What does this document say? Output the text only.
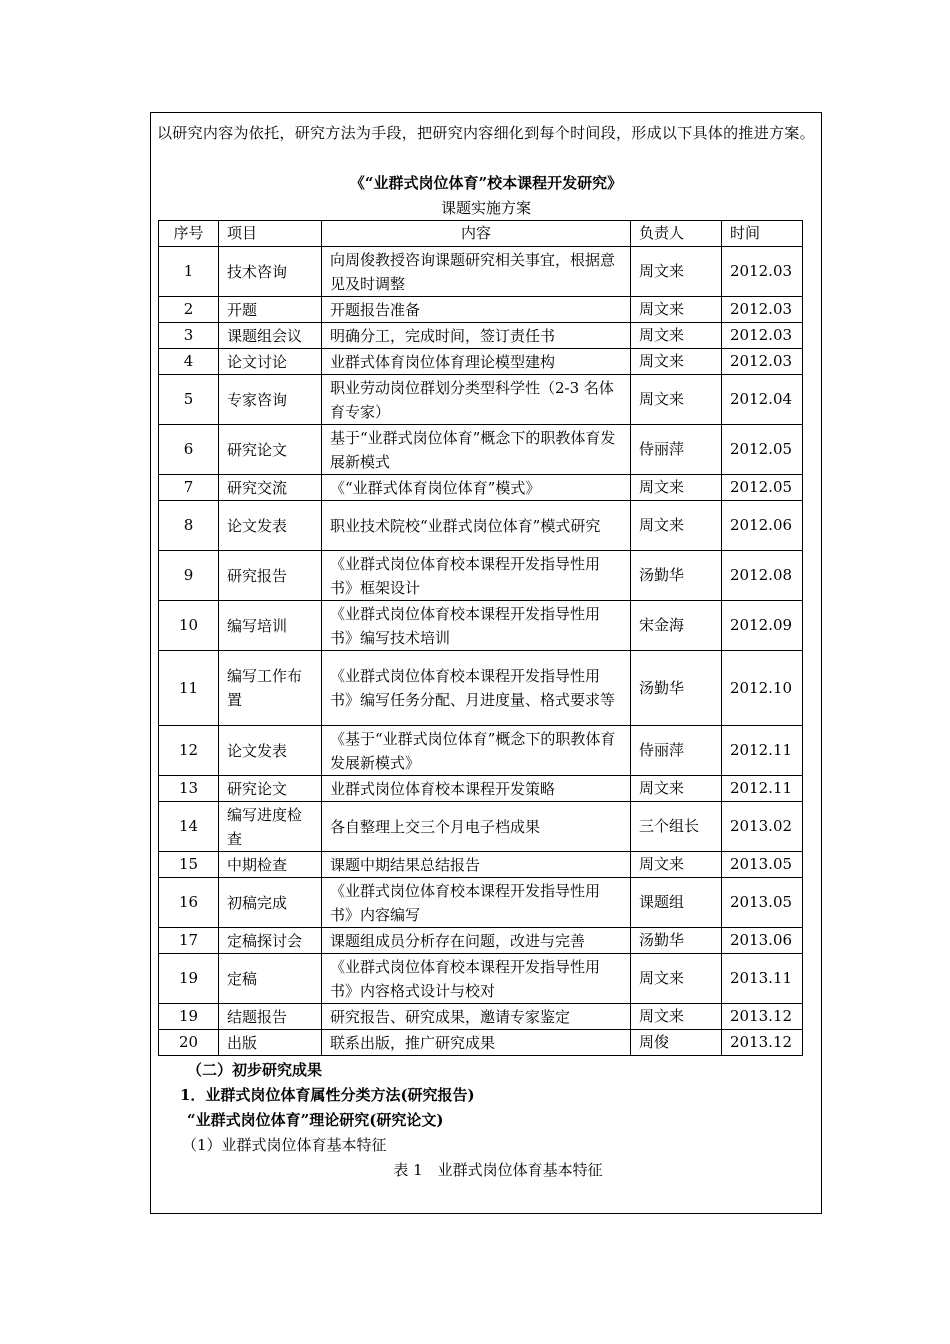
以研究内容为依托，研究方法为手段，把研究内容细化到每个时间段，形成以下具体的推进方案。
《“业群式岗位体育”校本课程开发研究》
课题实施方案
序号	项目	内容	负责人	时间
1	技术咨询	向周俊教授咨询课题研究相关事宜，根据意见及时调整	周文来	2012.03
2	开题	开题报告准备	周文来	2012.03
3	课题组会议	明确分工，完成时间，签订责任书	周文来	2012.03
4	论文讨论	业群式体育岗位体育理论模型建构	周文来	2012.03
5	专家咨询	职业劳动岗位群划分类型科学性（2-3 名体育专家）	周文来	2012.04
6	研究论文	基于“业群式岗位体育”概念下的职教体育发展新模式	侍丽萍	2012.05
7	研究交流	《“业群式体育岗位体育”模式》	周文来	2012.05
8	论文发表	职业技术院校“业群式岗位体育”模式研究	周文来	2012.06
9	研究报告	《业群式岗位体育校本课程开发指导性用书》框架设计	汤勤华	2012.08
10	编写培训	《业群式岗位体育校本课程开发指导性用书》编写技术培训	宋金海	2012.09
11	编写工作布置	《业群式岗位体育校本课程开发指导性用书》编写任务分配、月进度量、格式要求等	汤勤华	2012.10
12	论文发表	《基于“业群式岗位体育”概念下的职教体育发展新模式》	侍丽萍	2012.11
13	研究论文	业群式岗位体育校本课程开发策略	周文来	2012.11
14	编写进度检查	各自整理上交三个月电子档成果	三个组长	2013.02
15	中期检查	课题中期结果总结报告	周文来	2013.05
16	初稿完成	《业群式岗位体育校本课程开发指导性用书》内容编写	课题组	2013.05
17	定稿探讨会	课题组成员分析存在问题，改进与完善	汤勤华	2013.06
19	定稿	《业群式岗位体育校本课程开发指导性用书》内容格式设计与校对	周文来	2013.11
19	结题报告	研究报告、研究成果，邀请专家鉴定	周文来	2013.12
20	出版	联系出版，推广研究成果	周俊	2013.12
（二）初步研究成果
1．业群式岗位体育属性分类方法(研究报告)
“业群式岗位体育”理论研究(研究论文)
（1）业群式岗位体育基本特征
表 1　业群式岗位体育基本特征
